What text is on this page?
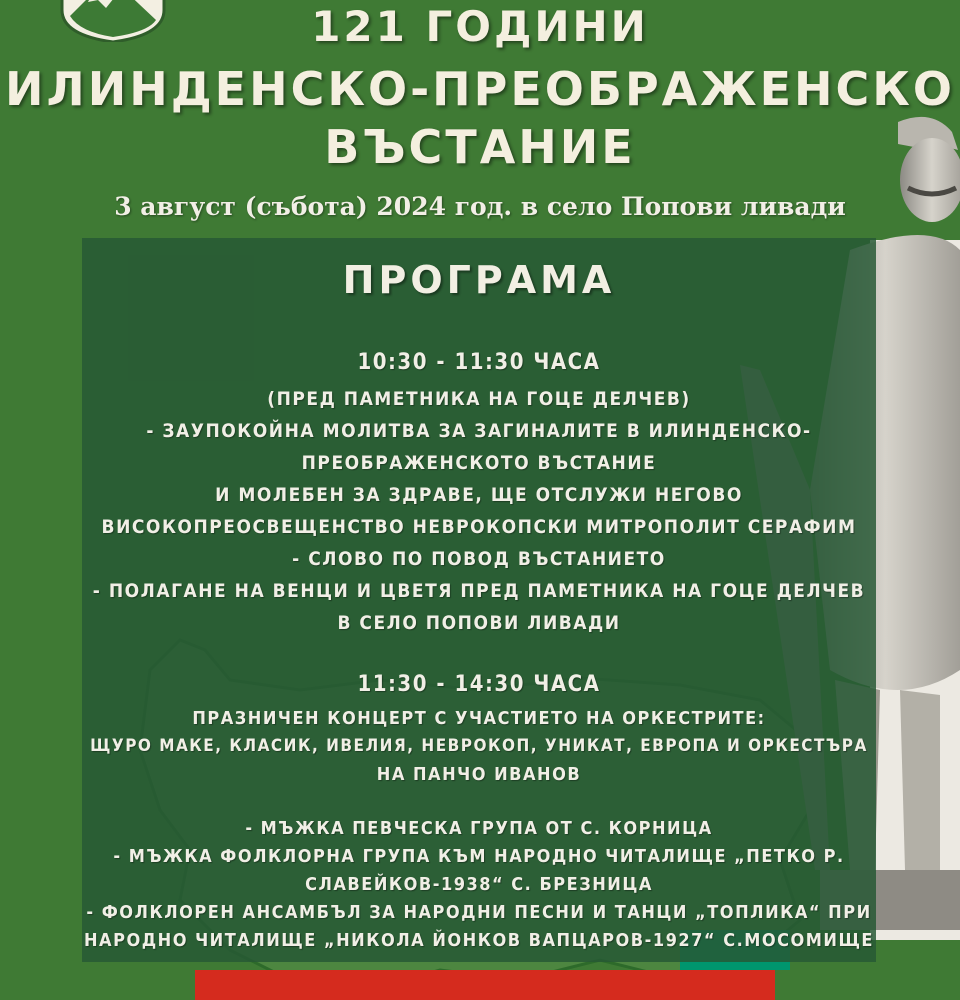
121 ГОДИНИ
ИЛИНДЕНСКО-ПРЕОБРАЖЕНСКО
ВЪСТАНИЕ
3 август (събота) 2024 год. в село Попови ливади
ПРОГРАМА
10:30 - 11:30 ЧАСА
(ПРЕД ПАМЕТНИКА НА ГОЦЕ ДЕЛЧЕВ)
- ЗАУПОКОЙНА МОЛИТВА ЗА ЗАГИНАЛИТЕ В ИЛИНДЕНСКО-
ПРЕОБРАЖЕНСКОТО ВЪСТАНИЕ
И МОЛЕБЕН ЗА ЗДРАВЕ, ЩЕ ОТСЛУЖИ НЕГОВО
ВИСОКОПРЕОСВЕЩЕНСТВО НЕВРОКОПСКИ МИТРОПОЛИТ СЕРАФИМ
- СЛОВО ПО ПОВОД ВЪСТАНИЕТО
- ПОЛАГАНЕ НА ВЕНЦИ И ЦВЕТЯ ПРЕД ПАМЕТНИКА НА ГОЦЕ ДЕЛЧЕВ
В СЕЛО ПОПОВИ ЛИВАДИ
11:30 - 14:30 ЧАСА
ПРАЗНИЧЕН КОНЦЕРТ С УЧАСТИЕТО НА ОРКЕСТРИТЕ:
ЩУРО МАКЕ, КЛАСИК, ИВЕЛИЯ, НЕВРОКОП, УНИКАТ, ЕВРОПА И ОРКЕСТЪРА
НА ПАНЧО ИВАНОВ
- МЪЖКА ПЕВЧЕСКА ГРУПА ОТ С. КОРНИЦА
- МЪЖКА ФОЛКЛОРНА ГРУПА КЪМ НАРОДНО ЧИТАЛИЩЕ „ПЕТКО Р.
СЛАВЕЙКОВ-1938“ С. БРЕЗНИЦА
- ФОЛКЛОРЕН АНСАМБЪЛ ЗА НАРОДНИ ПЕСНИ И ТАНЦИ „ТОПЛИКА“ ПРИ
НАРОДНО ЧИТАЛИЩЕ „НИКОЛА ЙОНКОВ ВАПЦАРОВ-1927“ С.МОСОМИЩЕ
